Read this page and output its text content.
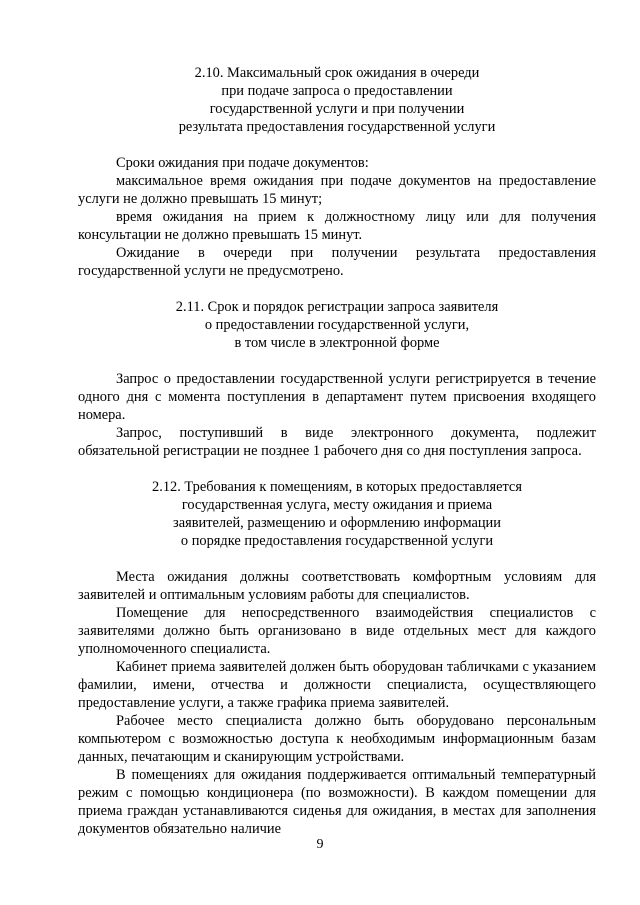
2.10. Максимальный срок ожидания в очереди
при подаче запроса о предоставлении
государственной услуги и при получении
результата предоставления государственной услуги

Сроки ожидания при подаче документов:

максимальное время ожидания при подаче документов на предоставление услуги не должно превышать 15 минут;

время ожидания на прием к должностному лицу или для получения консультации не должно превышать 15 минут.

Ожидание в очереди при получении результата предоставления государственной услуги не предусмотрено.

2.11. Срок и порядок регистрации запроса заявителя
о предоставлении государственной услуги,
в том числе в электронной форме

Запрос о предоставлении государственной услуги регистрируется в течение одного дня с момента поступления в департамент путем присвоения входящего номера.

Запрос, поступивший в виде электронного документа, подлежит обязательной регистрации не позднее 1 рабочего дня со дня поступления запроса.

2.12. Требования к помещениям, в которых предоставляется
государственная услуга, месту ожидания и приема
заявителей, размещению и оформлению информации
о порядке предоставления государственной услуги

Места ожидания должны соответствовать комфортным условиям для заявителей и оптимальным условиям работы для специалистов.

Помещение для непосредственного взаимодействия специалистов с заявителями должно быть организовано в виде отдельных мест для каждого уполномоченного специалиста.

Кабинет приема заявителей должен быть оборудован табличками с указанием фамилии, имени, отчества и должности специалиста, осуществляющего предоставление услуги, а также графика приема заявителей.

Рабочее место специалиста должно быть оборудовано персональным компьютером с возможностью доступа к необходимым информационным базам данных, печатающим и сканирующим устройствами.

В помещениях для ожидания поддерживается оптимальный температурный режим с помощью кондиционера (по возможности). В каждом помещении для приема граждан устанавливаются сиденья для ожидания, в местах для заполнения документов обязательно наличие

9
